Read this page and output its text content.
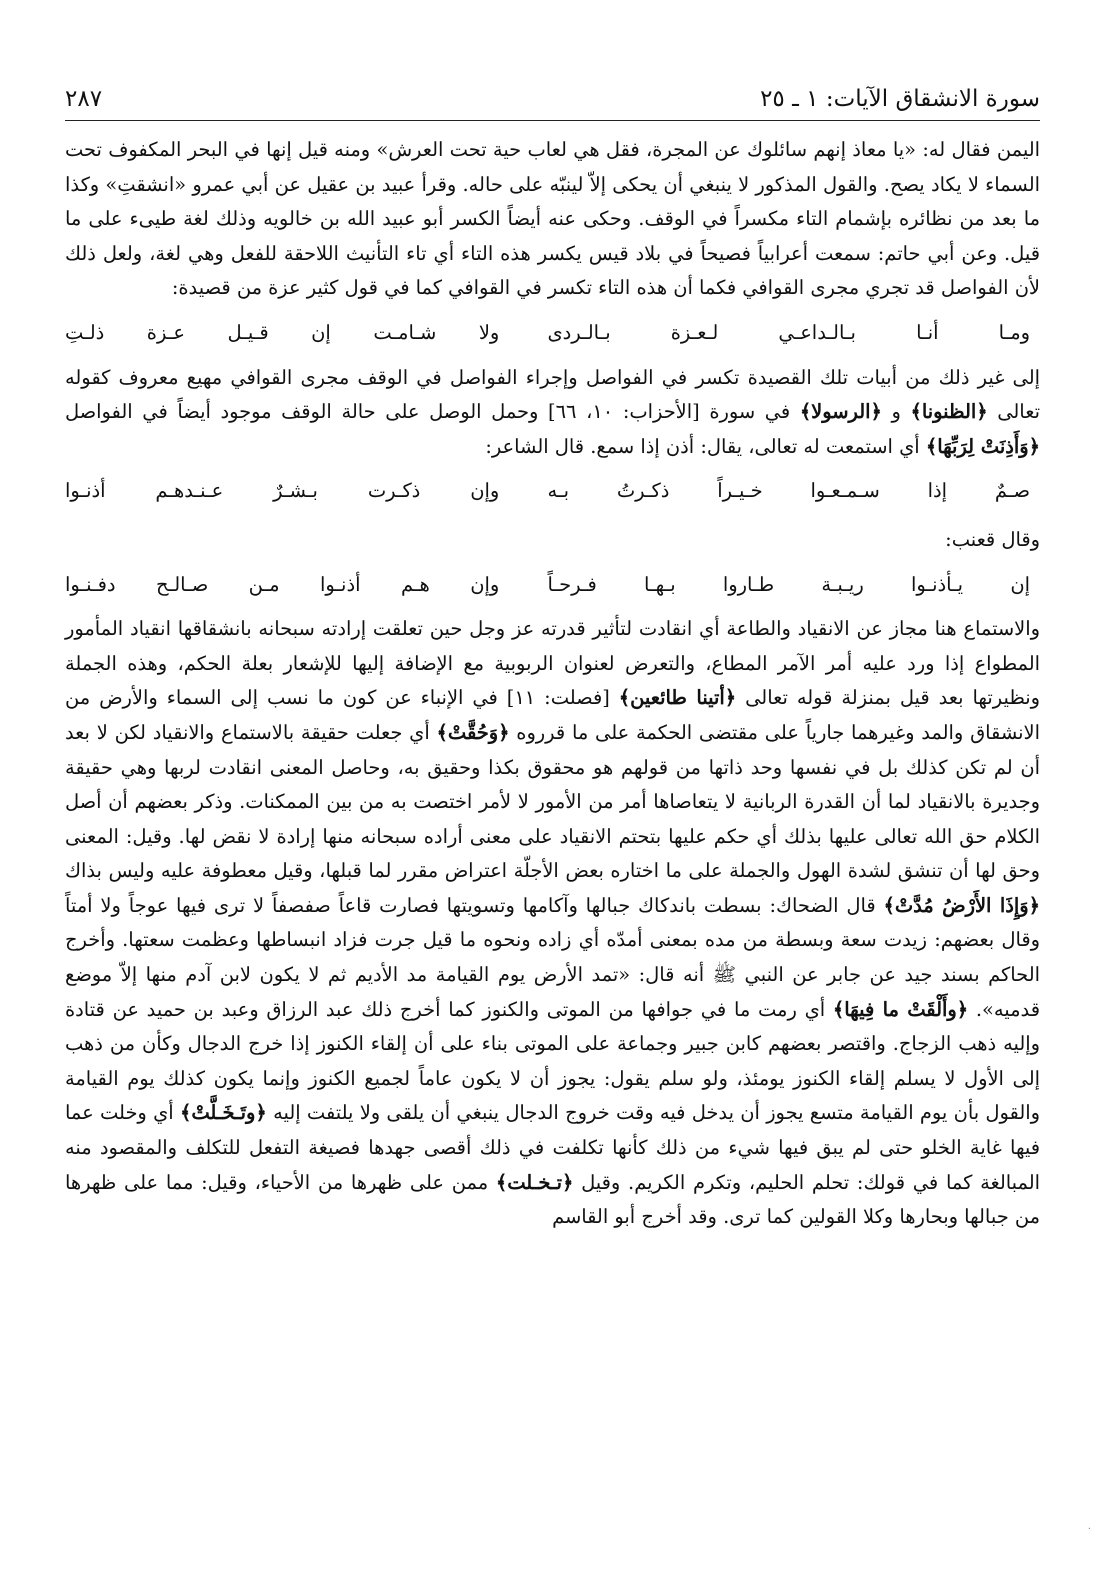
سورة الانشقاق الآيات: ١ ـ ٢٥
٢٨٧

اليمن فقال له: «يا معاذ إنهم سائلوك عن المجرة، فقل هي لعاب حية تحت العرش» ومنه قيل إنها في البحر المكفوف تحت السماء لا يكاد يصح. والقول المذكور لا ينبغي أن يحكى إلاّ لينبّه على حاله. وقرأ عبيد بن عقيل عن أبي عمرو «انشقتِ» وكذا ما بعد من نظائره بإشمام التاء مكسراً في الوقف. وحكى عنه أيضاً الكسر أبو عبيد الله بن خالويه وذلك لغة طيىء على ما قيل. وعن أبي حاتم: سمعت أعرابياً فصيحاً في بلاد قيس يكسر هذه التاء أي تاء التأنيث اللاحقة للفعل وهي لغة، ولعل ذلك لأن الفواصل قد تجري مجرى القوافي فكما أن هذه التاء تكسر في القوافي كما في قول كثير عزة من قصيدة:

ومـا أنـا بـالـداعـي لـعـزة بـالـردى
ولا شـامـت إن قـيـل عـزة ذلـتِ

إلى غير ذلك من أبيات تلك القصيدة تكسر في الفواصل وإجراء الفواصل في الوقف مجرى القوافي مهيع معروف كقوله تعالى ﴿الظنونا﴾ و ﴿الرسولا﴾ في سورة [الأحزاب: ١٠، ٦٦] وحمل الوصل على حالة الوقف موجود أيضاً في الفواصل ﴿وَأَذِنَتْ لِرَبِّهَا﴾ أي استمعت له تعالى، يقال: أذن إذا سمع. قال الشاعر:

صـمٌ إذا سـمـعـوا خـيـراً ذكـرتُ بـه
وإن ذكـرت بـشـرٌ عـنـدهـم أذنـوا

وقال قعنب:

إن يـأذنـوا ريـبـة طـاروا بـهـا فـرحـاً
وإن هـم أذنـوا مـن صـالـح دفـنـوا

والاستماع هنا مجاز عن الانقياد والطاعة أي انقادت لتأثير قدرته عز وجل حين تعلقت إرادته سبحانه بانشقاقها انقياد المأمور المطواع إذا ورد عليه أمر الآمر المطاع، والتعرض لعنوان الربوبية مع الإضافة إليها للإشعار بعلة الحكم، وهذه الجملة ونظيرتها بعد قيل بمنزلة قوله تعالى ﴿أتينا طائعين﴾ [فصلت: ١١] في الإنباء عن كون ما نسب إلى السماء والأرض من الانشقاق والمد وغيرهما جارياً على مقتضى الحكمة على ما قرروه ﴿وَحُقَّتْ﴾ أي جعلت حقيقة بالاستماع والانقياد لكن لا بعد أن لم تكن كذلك بل في نفسها وحد ذاتها من قولهم هو محقوق بكذا وحقيق به، وحاصل المعنى انقادت لربها وهي حقيقة وجديرة بالانقياد لما أن القدرة الربانية لا يتعاصاها أمر من الأمور لا لأمر اختصت به من بين الممكنات. وذكر بعضهم أن أصل الكلام حق الله تعالى عليها بذلك أي حكم عليها بتحتم الانقياد على معنى أراده سبحانه منها إرادة لا نقض لها. وقيل: المعنى وحق لها أن تنشق لشدة الهول والجملة على ما اختاره بعض الأجلّة اعتراض مقرر لما قبلها، وقيل معطوفة عليه وليس بذاك ﴿وَإِذَا الأَرْضُ مُدَّتْ﴾ قال الضحاك: بسطت باندكاك جبالها وآكامها وتسويتها فصارت قاعاً صفصفاً لا ترى فيها عوجاً ولا أمتاً وقال بعضهم: زيدت سعة وبسطة من مده بمعنى أمدّه أي زاده ونحوه ما قيل جرت فزاد انبساطها وعظمت سعتها. وأخرج الحاكم بسند جيد عن جابر عن النبي ﷺ أنه قال: «تمد الأرض يوم القيامة مد الأديم ثم لا يكون لابن آدم منها إلاّ موضع قدميه». ﴿وأَلْقَتْ ما فِيهَا﴾ أي رمت ما في جوافها من الموتى والكنوز كما أخرج ذلك عبد الرزاق وعبد بن حميد عن قتادة وإليه ذهب الزجاج. واقتصر بعضهم كابن جبير وجماعة على الموتى بناء على أن إلقاء الكنوز إذا خرج الدجال وكأن من ذهب إلى الأول لا يسلم إلقاء الكنوز يومئذ، ولو سلم يقول: يجوز أن لا يكون عاماً لجميع الكنوز وإنما يكون كذلك يوم القيامة والقول بأن يوم القيامة متسع يجوز أن يدخل فيه وقت خروج الدجال ينبغي أن يلقى ولا يلتفت إليه ﴿وتَـخَـلَّتْ﴾ أي وخلت عما فيها غاية الخلو حتى لم يبق فيها شيء من ذلك كأنها تكلفت في ذلك أقصى جهدها فصيغة التفعل للتكلف والمقصود منه المبالغة كما في قولك: تحلم الحليم، وتكرم الكريم. وقيل ﴿تـخـلت﴾ ممن على ظهرها من الأحياء، وقيل: مما على ظهرها من جبالها وبحارها وكلا القولين كما ترى. وقد أخرج أبو القاسم

·
